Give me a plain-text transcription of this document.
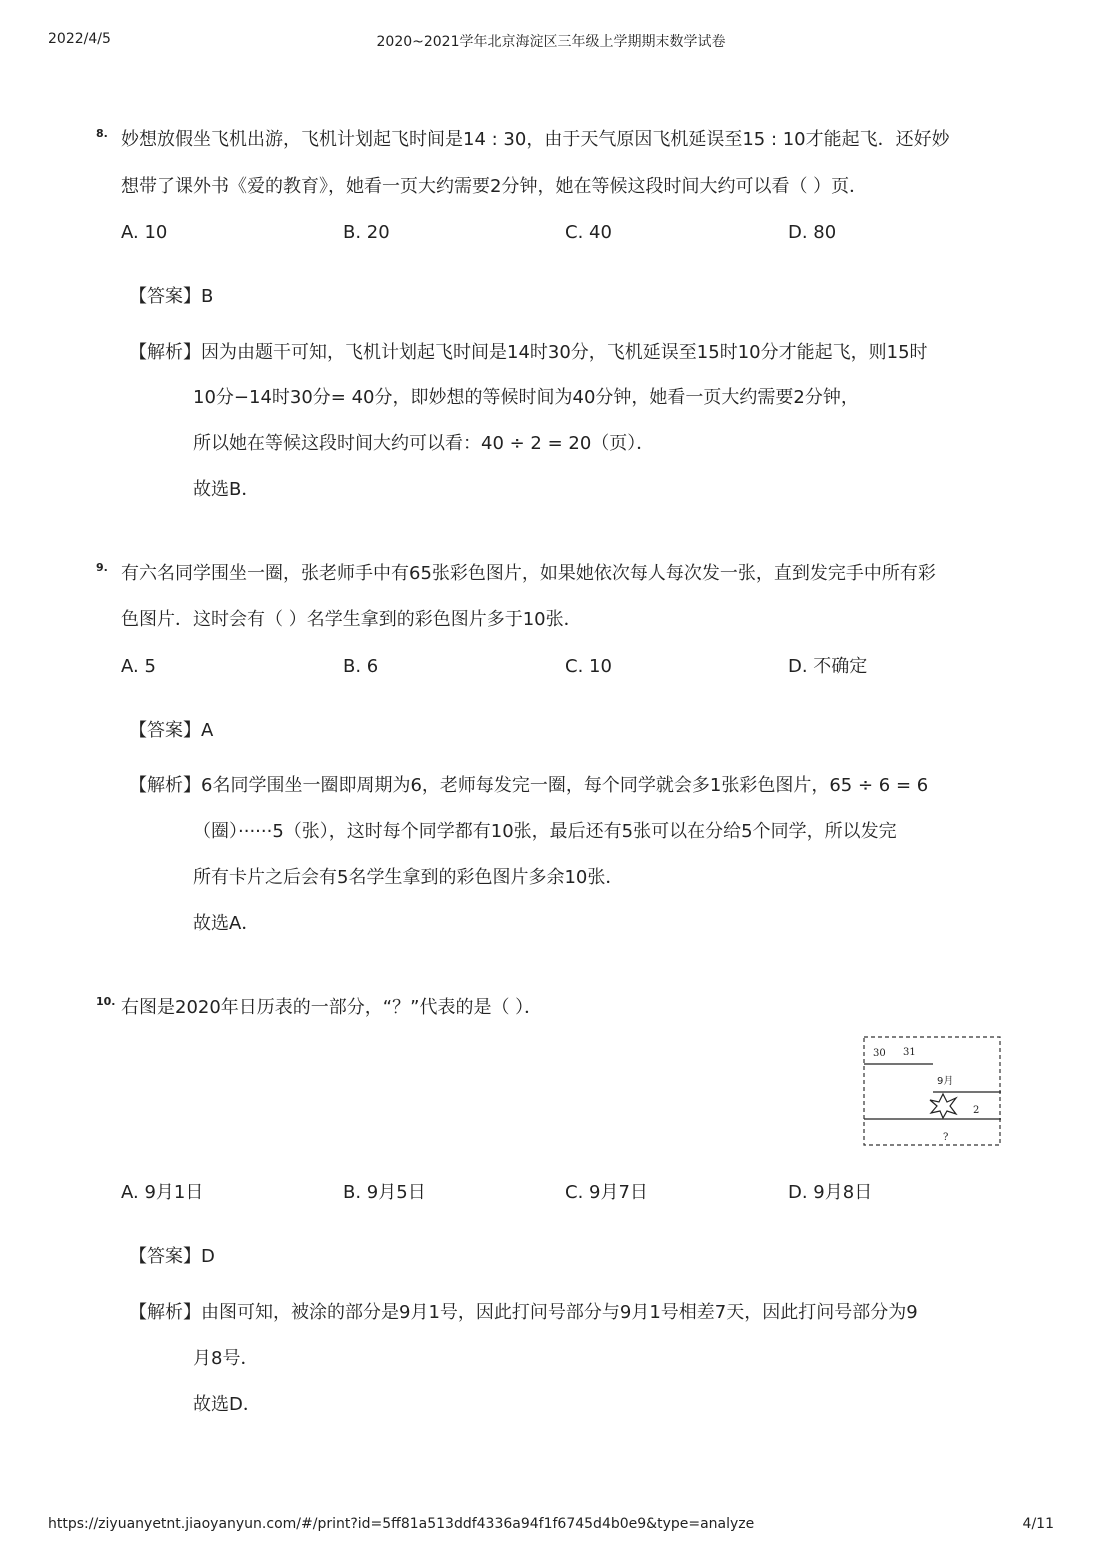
2022/4/5	2020~2021学年北京海淀区三年级上学期期末数学试卷
https://ziyuanyetnt.jiaoyanyun.com/#/print?id=5ff81a513ddf4336a94f1f6745d4b0e9&type=analyze	4/11
8. 妙想放假坐飞机出游，飞机计划起飞时间是14 : 30，由于天气原因飞机延误至15 : 10才能起飞．还好妙
想带了课外书《爱的教育》，她看一页大约需要2分钟，她在等候这段时间大约可以看（ ）页．
A. 10	B. 20	C. 40	D. 80
【答案】B
【解析】因为由题干可知，飞机计划起飞时间是14时30分，飞机延误至15时10分才能起飞，则15时
10分−14时30分= 40分，即妙想的等候时间为40分钟，她看一页大约需要2分钟，
所以她在等候这段时间大约可以看：40 ÷ 2 = 20（页）．
故选B．
9. 有六名同学围坐一圈，张老师手中有65张彩色图片，如果她依次每人每次发一张，直到发完手中所有彩
色图片．这时会有（ ）名学生拿到的彩色图片多于10张．
A. 5	B. 6	C. 10	D. 不确定
【答案】A
【解析】6名同学围坐一圈即周期为6，老师每发完一圈，每个同学就会多1张彩色图片，65 ÷ 6 = 6
（圈）······5（张），这时每个同学都有10张，最后还有5张可以在分给5个同学，所以发完
所有卡片之后会有5名学生拿到的彩色图片多余10张．
故选A．
10. 右图是2020年日历表的一部分，“？”代表的是（ ）．
30 31
9月
2
?
A. 9月1日	B. 9月5日	C. 9月7日	D. 9月8日
【答案】D
【解析】由图可知，被涂的部分是9月1号，因此打问号部分与9月1号相差7天，因此打问号部分为9
月8号．
故选D．
